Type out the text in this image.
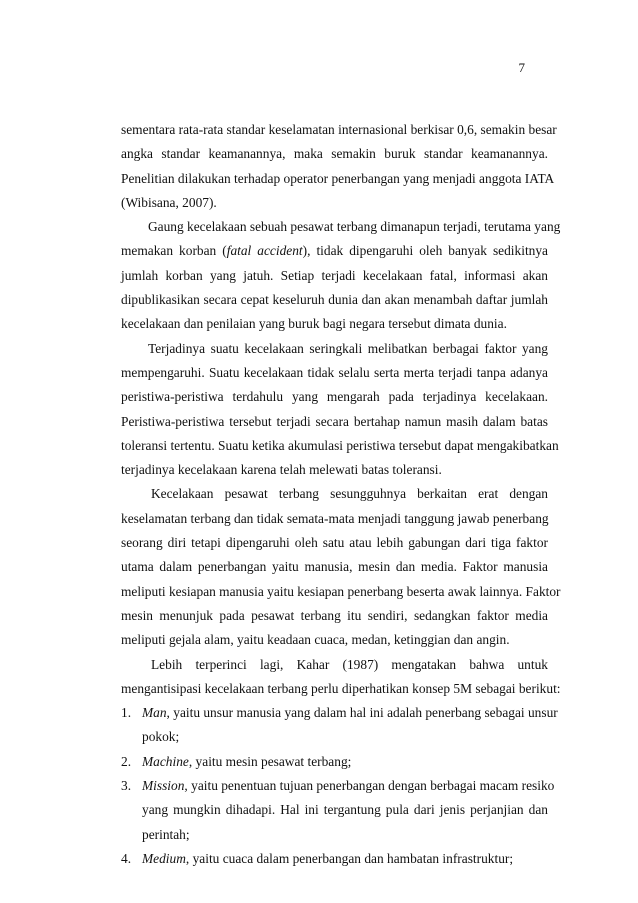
7
sementara rata-rata standar keselamatan internasional berkisar 0,6, semakin besar
angka standar keamanannya, maka semakin buruk standar keamanannya.
Penelitian dilakukan terhadap operator penerbangan yang menjadi anggota IATA
(Wibisana, 2007).
Gaung kecelakaan sebuah pesawat terbang dimanapun terjadi, terutama yang
memakan korban (fatal accident), tidak dipengaruhi oleh banyak sedikitnya
jumlah korban yang jatuh. Setiap terjadi kecelakaan fatal, informasi akan
dipublikasikan secara cepat keseluruh dunia dan akan menambah daftar jumlah
kecelakaan dan penilaian yang buruk bagi negara tersebut dimata dunia.
Terjadinya suatu kecelakaan seringkali melibatkan berbagai faktor yang
mempengaruhi. Suatu kecelakaan tidak selalu serta merta terjadi tanpa adanya
peristiwa-peristiwa terdahulu yang mengarah pada terjadinya kecelakaan.
Peristiwa-peristiwa tersebut terjadi secara bertahap namun masih dalam batas
toleransi tertentu. Suatu ketika akumulasi peristiwa tersebut dapat mengakibatkan
terjadinya kecelakaan karena telah melewati batas toleransi.
Kecelakaan pesawat terbang sesungguhnya berkaitan erat dengan
keselamatan terbang dan tidak semata-mata menjadi tanggung jawab penerbang
seorang diri tetapi dipengaruhi oleh satu atau lebih gabungan dari tiga faktor
utama dalam penerbangan yaitu manusia, mesin dan media. Faktor manusia
meliputi kesiapan manusia yaitu kesiapan penerbang beserta awak lainnya. Faktor
mesin menunjuk pada pesawat terbang itu sendiri, sedangkan faktor media
meliputi gejala alam, yaitu keadaan cuaca, medan, ketinggian dan angin.
Lebih terperinci lagi, Kahar (1987) mengatakan bahwa untuk
mengantisipasi kecelakaan terbang perlu diperhatikan konsep 5M sebagai berikut:
1. Man, yaitu unsur manusia yang dalam hal ini adalah penerbang sebagai unsur
pokok;
2. Machine, yaitu mesin pesawat terbang;
3. Mission, yaitu penentuan tujuan penerbangan dengan berbagai macam resiko
yang mungkin dihadapi. Hal ini tergantung pula dari jenis perjanjian dan
perintah;
4. Medium, yaitu cuaca dalam penerbangan dan hambatan infrastruktur;
